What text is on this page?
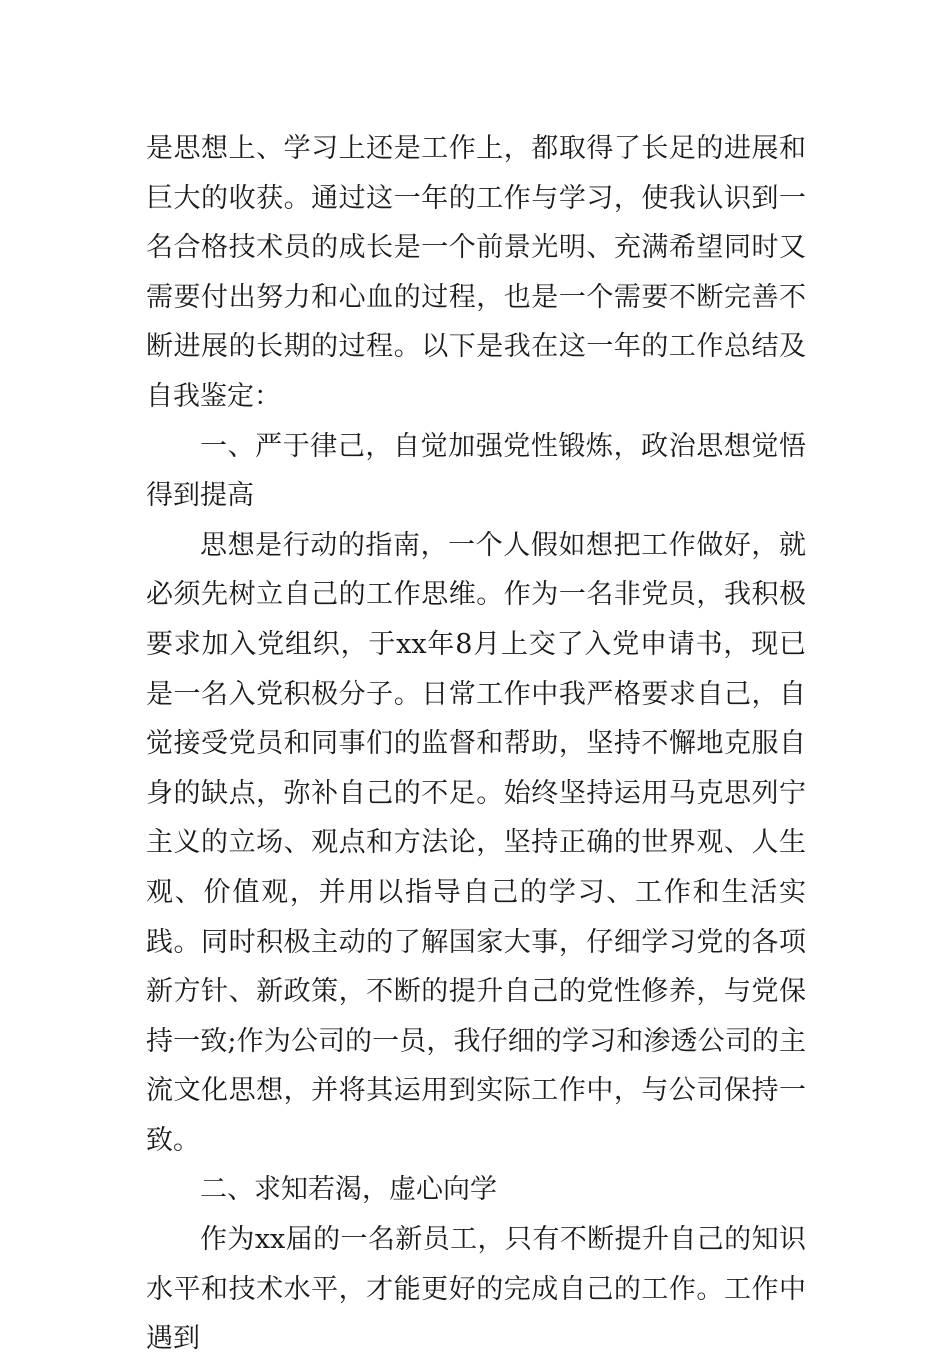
是思想上、学习上还是工作上，都取得了长足的进展和巨大的收获。通过这一年的工作与学习，使我认识到一名合格技术员的成长是一个前景光明、充满希望同时又需要付出努力和心血的过程，也是一个需要不断完善不断进展的长期的过程。以下是我在这一年的工作总结及自我鉴定：

一、严于律己，自觉加强党性锻炼，政治思想觉悟得到提高

思想是行动的指南，一个人假如想把工作做好，就必须先树立自己的工作思维。作为一名非党员，我积极要求加入党组织，于xx年8月上交了入党申请书，现已是一名入党积极分子。日常工作中我严格要求自己，自觉接受党员和同事们的监督和帮助，坚持不懈地克服自身的缺点，弥补自己的不足。始终坚持运用马克思列宁主义的立场、观点和方法论，坚持正确的世界观、人生观、价值观，并用以指导自己的学习、工作和生活实践。同时积极主动的了解国家大事，仔细学习党的各项新方针、新政策，不断的提升自己的党性修养，与党保持一致;作为公司的一员，我仔细的学习和渗透公司的主流文化思想，并将其运用到实际工作中，与公司保持一致。

二、求知若渴，虚心向学

作为xx届的一名新员工，只有不断提升自己的知识水平和技术水平，才能更好的完成自己的工作。工作中遇到
